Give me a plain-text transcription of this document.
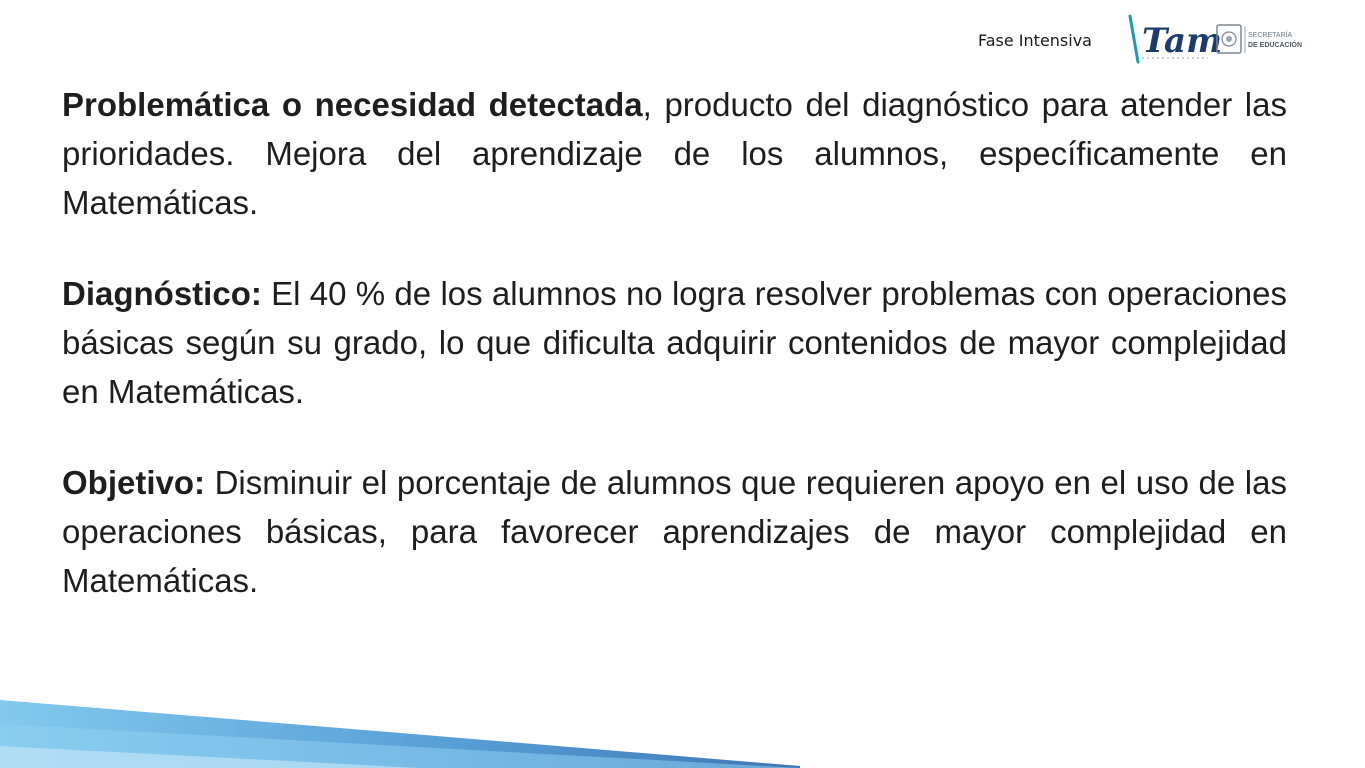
Fase Intensiva Tam	SECRETARÍA
DE EDUCACIÓN

Problemática o necesidad detectada, producto del diagnóstico para atender las prioridades. Mejora del aprendizaje de los alumnos, específicamente en Matemáticas.

Diagnóstico: El 40 % de los alumnos no logra resolver problemas con operaciones básicas según su grado, lo que dificulta adquirir contenidos de mayor complejidad en Matemáticas.

Objetivo: Disminuir el porcentaje de alumnos que requieren apoyo en el uso de las operaciones básicas, para favorecer aprendizajes de mayor complejidad en Matemáticas.
